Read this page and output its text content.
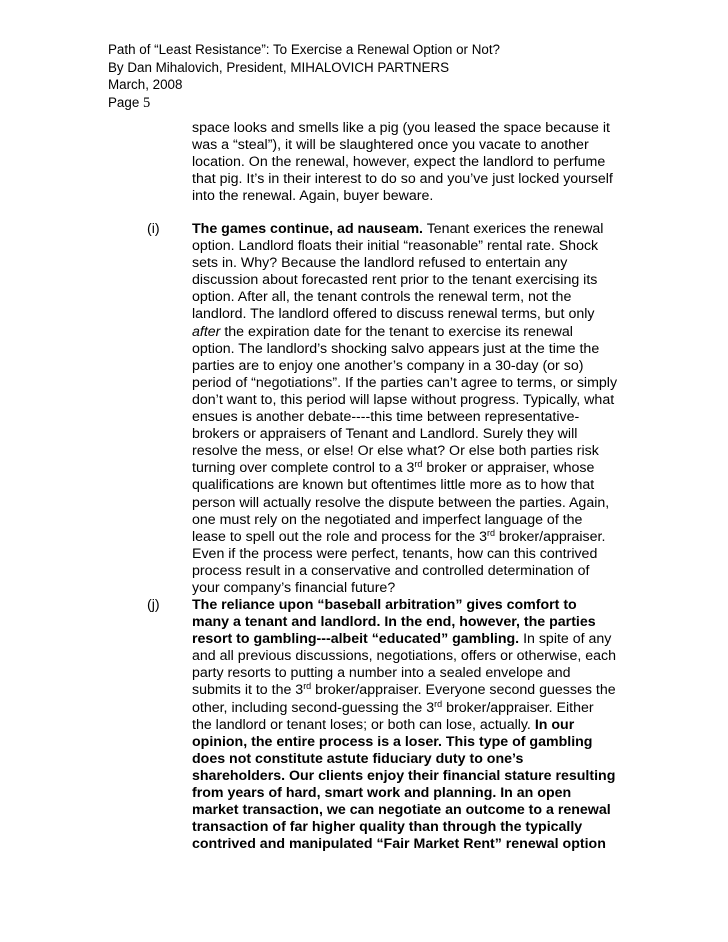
Path of “Least Resistance”: To Exercise a Renewal Option or Not?
By Dan Mihalovich, President, MIHALOVICH PARTNERS
March, 2008
Page 5
space looks and smells like a pig (you leased the space because it
was a “steal”), it will be slaughtered once you vacate to another
location. On the renewal, however, expect the landlord to perfume
that pig. It’s in their interest to do so and you’ve just locked yourself
into the renewal. Again, buyer beware.
The games continue, ad nauseam. Tenant exerices the renewal
option. Landlord floats their initial “reasonable” rental rate. Shock
sets in. Why? Because the landlord refused to entertain any
discussion about forecasted rent prior to the tenant exercising its
option. After all, the tenant controls the renewal term, not the
landlord. The landlord offered to discuss renewal terms, but only
after the expiration date for the tenant to exercise its renewal
option. The landlord’s shocking salvo appears just at the time the
parties are to enjoy one another’s company in a 30-day (or so)
period of “negotiations”. If the parties can’t agree to terms, or simply
don’t want to, this period will lapse without progress. Typically, what
ensues is another debate----this time between representative-
brokers or appraisers of Tenant and Landlord. Surely they will
resolve the mess, or else! Or else what? Or else both parties risk
turning over complete control to a 3rd broker or appraiser, whose
qualifications are known but oftentimes little more as to how that
person will actually resolve the dispute between the parties. Again,
one must rely on the negotiated and imperfect language of the
lease to spell out the role and process for the 3rd broker/appraiser.
Even if the process were perfect, tenants, how can this contrived
process result in a conservative and controlled determination of
your company’s financial future?
The reliance upon “baseball arbitration” gives comfort to
many a tenant and landlord. In the end, however, the parties
resort to gambling---albeit “educated” gambling. In spite of any
and all previous discussions, negotiations, offers or otherwise, each
party resorts to putting a number into a sealed envelope and
submits it to the 3rd broker/appraiser. Everyone second guesses the
other, including second-guessing the 3rd broker/appraiser. Either
the landlord or tenant loses; or both can lose, actually. In our
opinion, the entire process is a loser. This type of gambling
does not constitute astute fiduciary duty to one’s
shareholders. Our clients enjoy their financial stature resulting
from years of hard, smart work and planning. In an open
market transaction, we can negotiate an outcome to a renewal
transaction of far higher quality than through the typically
contrived and manipulated “Fair Market Rent” renewal option
(i)
(j)
